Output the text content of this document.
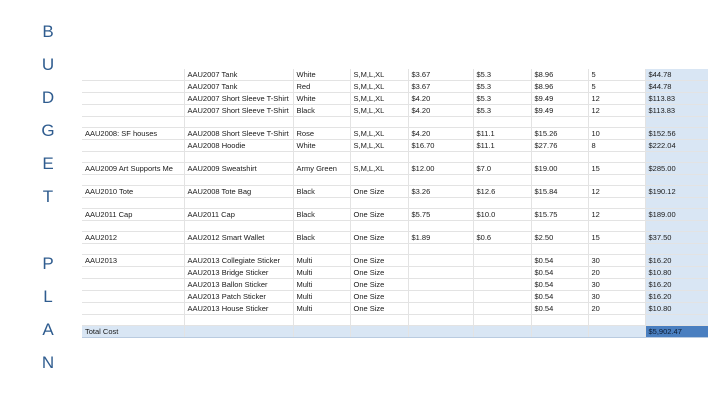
B
U
D
G
E
T
P
L
A
N
	AAU2007 Tank	White	S,M,L,XL	$3.67	$5.3	$8.96	5	$44.78
	AAU2007 Tank	Red	S,M,L,XL	$3.67	$5.3	$8.96	5	$44.78
	AAU2007 Short Sleeve T-Shirt	White	S,M,L,XL	$4.20	$5.3	$9.49	12	$113.83
	AAU2007 Short Sleeve T-Shirt	Black	S,M,L,XL	$4.20	$5.3	$9.49	12	$113.83

AAU2008: SF houses	AAU2008 Short Sleeve T-Shirt	Rose	S,M,L,XL	$4.20	$11.1	$15.26	10	$152.56
	AAU2008 Hoodie	White	S,M,L,XL	$16.70	$11.1	$27.76	8	$222.04

AAU2009 Art Supports Me	AAU2009 Sweatshirt	Army Green	S,M,L,XL	$12.00	$7.0	$19.00	15	$285.00

AAU2010 Tote	AAU2008 Tote Bag	Black	One Size	$3.26	$12.6	$15.84	12	$190.12

AAU2011 Cap	AAU2011 Cap	Black	One Size	$5.75	$10.0	$15.75	12	$189.00

AAU2012	AAU2012 Smart Wallet	Black	One Size	$1.89	$0.6	$2.50	15	$37.50

AAU2013	AAU2013 Collegiate Sticker	Multi	One Size			$0.54	30	$16.20
	AAU2013 Bridge Sticker	Multi	One Size			$0.54	20	$10.80
	AAU2013 Ballon Sticker	Multi	One Size			$0.54	30	$16.20
	AAU2013 Patch Sticker	Multi	One Size			$0.54	30	$16.20
	AAU2013 House Sticker	Multi	One Size			$0.54	20	$10.80

Total Cost								$5,902.47
